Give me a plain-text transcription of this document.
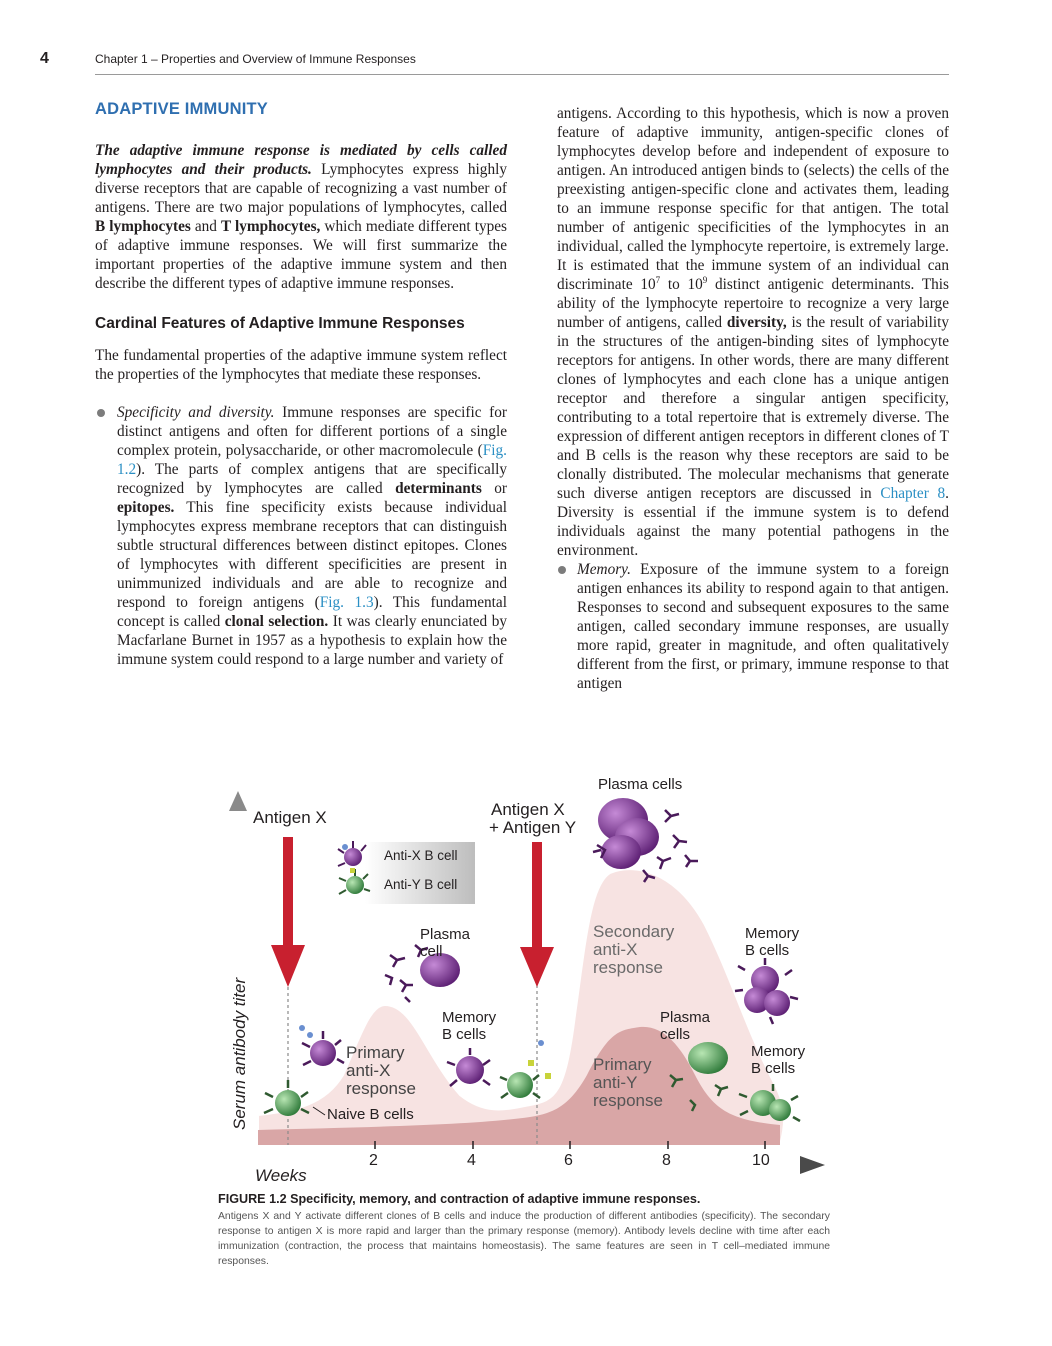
4	Chapter 1 – Properties and Overview of Immune Responses
ADAPTIVE IMMUNITY

The adaptive immune response is mediated by cells called lymphocytes and their products. Lymphocytes express highly diverse receptors that are capable of recognizing a vast number of antigens. There are two major populations of lymphocytes, called B lymphocytes and T lymphocytes, which mediate different types of adaptive immune responses. We will first summarize the important properties of the adaptive immune system and then describe the different types of adaptive immune responses.

Cardinal Features of Adaptive Immune Responses

The fundamental properties of the adaptive immune system reflect the properties of the lymphocytes that mediate these responses.

Specificity and diversity. Immune responses are specific for distinct antigens and often for different portions of a single complex protein, polysaccharide, or other macromolecule (Fig. 1.2). The parts of complex antigens that are specifically recognized by lymphocytes are called determinants or epitopes. This fine specificity exists because individual lymphocytes express membrane receptors that can distinguish subtle structural differences between distinct epitopes. Clones of lymphocytes with different specificities are present in unimmunized individuals and are able to recognize and respond to foreign antigens (Fig. 1.3). This fundamental concept is called clonal selection. It was clearly enunciated by Macfarlane Burnet in 1957 as a hypothesis to explain how the immune system could respond to a large number and variety of

antigens. According to this hypothesis, which is now a proven feature of adaptive immunity, antigen-specific clones of lymphocytes develop before and independent of exposure to antigen. An introduced antigen binds to (selects) the cells of the preexisting antigen-specific clone and activates them, leading to an immune response specific for that antigen. The total number of antigenic specificities of the lymphocytes in an individual, called the lymphocyte repertoire, is extremely large. It is estimated that the immune system of an individual can discriminate $10^7$ to $10^9$ distinct antigenic determinants. This ability of the lymphocyte repertoire to recognize a very large number of antigens, called diversity, is the result of variability in the structures of the antigen-binding sites of lymphocyte receptors for antigens. In other words, there are many different clones of lymphocytes and each clone has a unique antigen receptor and therefore a singular antigen specificity, contributing to a total repertoire that is extremely diverse. The expression of different antigen receptors in different clones of T and B cells is the reason why these receptors are said to be clonally distributed. The molecular mechanisms that generate such diverse antigen receptors are discussed in Chapter 8. Diversity is essential if the immune system is to defend individuals against the many potential pathogens in the environment.

Memory. Exposure of the immune system to a foreign antigen enhances its ability to respond again to that antigen. Responses to second and subsequent exposures to the same antigen, called secondary immune responses, are usually more rapid, greater in magnitude, and often qualitatively different from the first, or primary, immune response to that antigen

Serum antibody titer
Weeks
2	4	6	8	10
Antigen X	Antigen X
+ Antigen Y
Anti-X B cell
Anti-Y B cell
Plasma cells
Plasma
cell
Primary
anti-X
response
Naive B cells
Memory
B cells
Secondary
anti-X
response
Memory
B cells
Plasma
cells
Primary
anti-Y
response
Memory
B cells

FIGURE 1.2 Specificity, memory, and contraction of adaptive immune responses.

Antigens X and Y activate different clones of B cells and induce the production of different antibodies (specificity). The secondary response to antigen X is more rapid and larger than the primary response (memory). Antibody levels decline with time after each immunization (contraction, the process that maintains homeostasis). The same features are seen in T cell–mediated immune responses.
